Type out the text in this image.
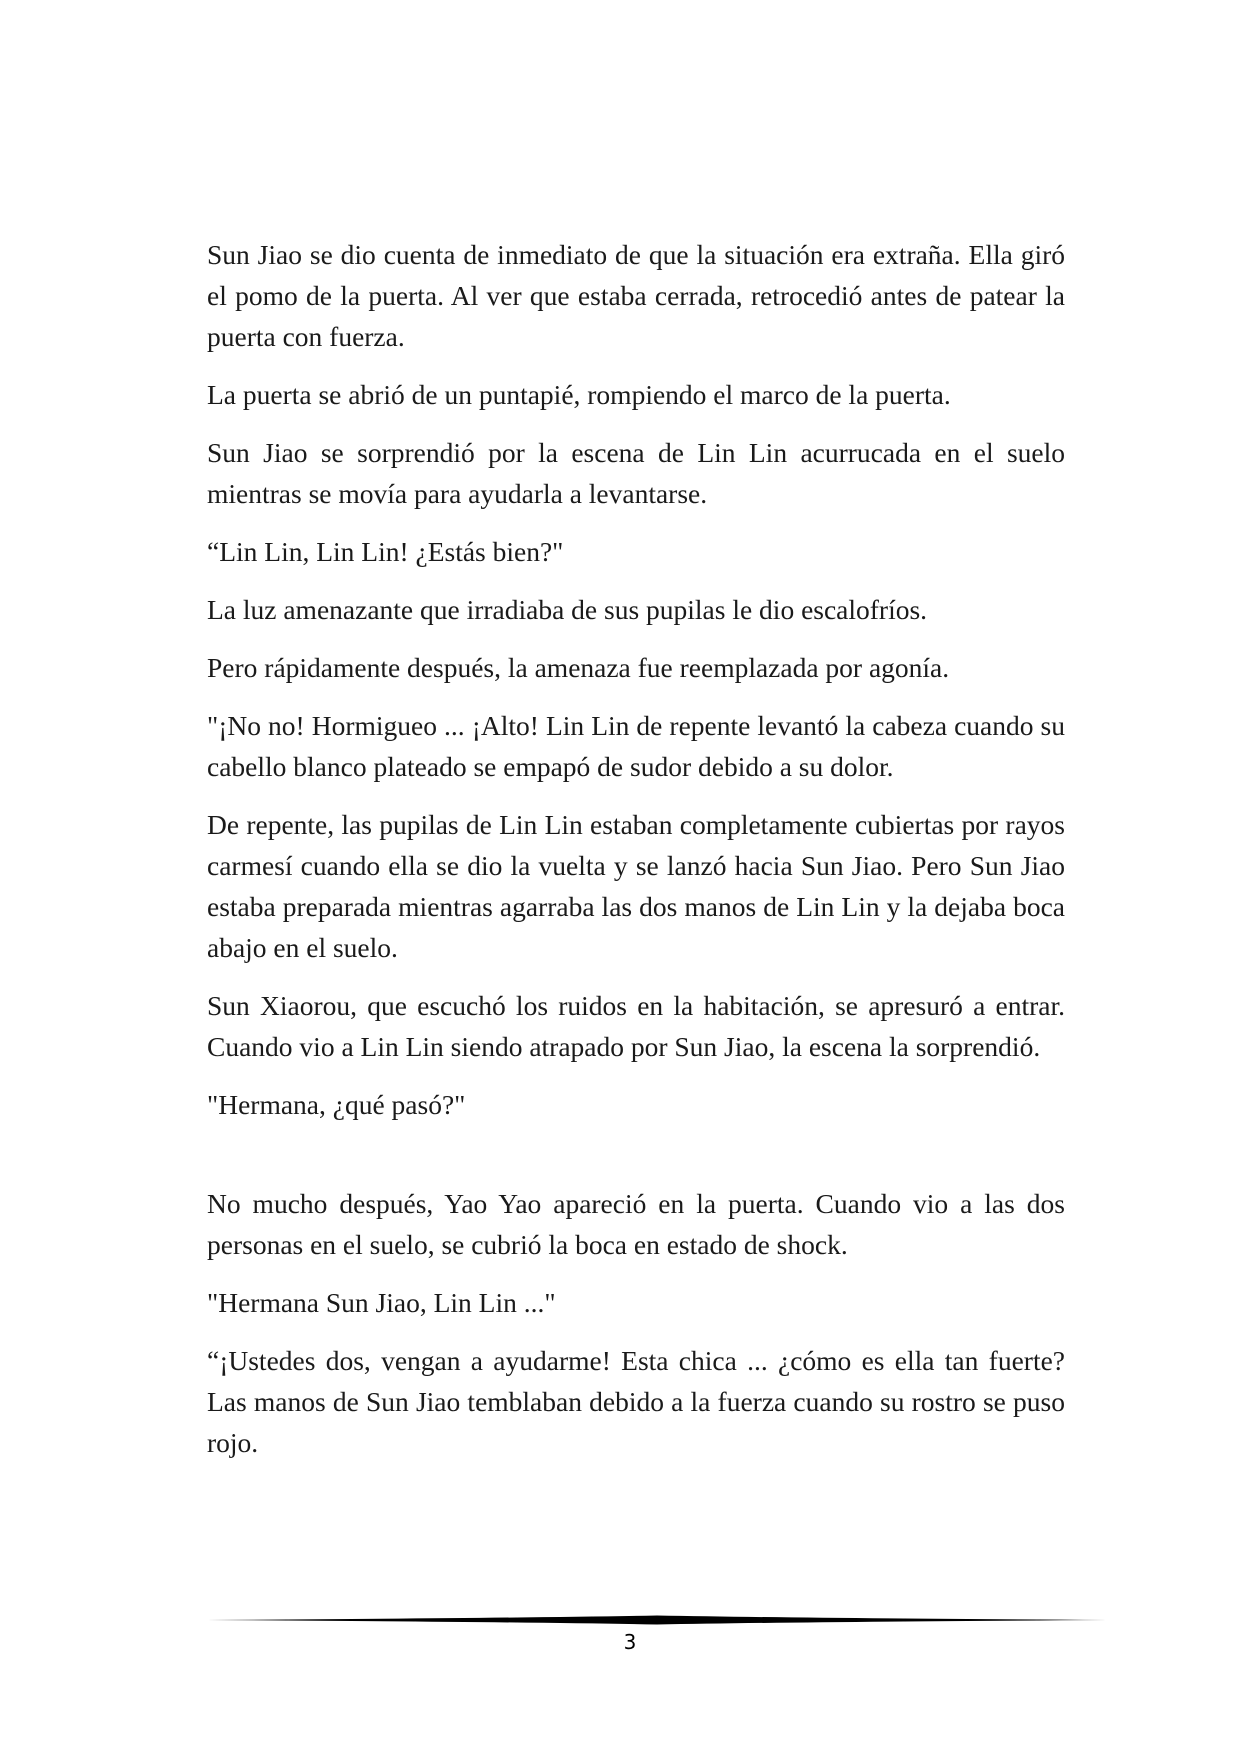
Sun Jiao se dio cuenta de inmediato de que la situación era extraña. Ella giró el pomo de la puerta. Al ver que estaba cerrada, retrocedió antes de patear la puerta con fuerza.

La puerta se abrió de un puntapié, rompiendo el marco de la puerta.

Sun Jiao se sorprendió por la escena de Lin Lin acurrucada en el suelo mientras se movía para ayudarla a levantarse.

“Lin Lin, Lin Lin! ¿Estás bien?"

La luz amenazante que irradiaba de sus pupilas le dio escalofríos.

Pero rápidamente después, la amenaza fue reemplazada por agonía.

"¡No no! Hormigueo ... ¡Alto! Lin Lin de repente levantó la cabeza cuando su cabello blanco plateado se empapó de sudor debido a su dolor.

De repente, las pupilas de Lin Lin estaban completamente cubiertas por rayos carmesí cuando ella se dio la vuelta y se lanzó hacia Sun Jiao. Pero Sun Jiao estaba preparada mientras agarraba las dos manos de Lin Lin y la dejaba boca abajo en el suelo.

Sun Xiaorou, que escuchó los ruidos en la habitación, se apresuró a entrar. Cuando vio a Lin Lin siendo atrapado por Sun Jiao, la escena la sorprendió.

"Hermana, ¿qué pasó?"

No mucho después, Yao Yao apareció en la puerta. Cuando vio a las dos personas en el suelo, se cubrió la boca en estado de shock.

"Hermana Sun Jiao, Lin Lin ..."

“¡Ustedes dos, vengan a ayudarme! Esta chica ... ¿cómo es ella tan fuerte? Las manos de Sun Jiao temblaban debido a la fuerza cuando su rostro se puso rojo.

3
